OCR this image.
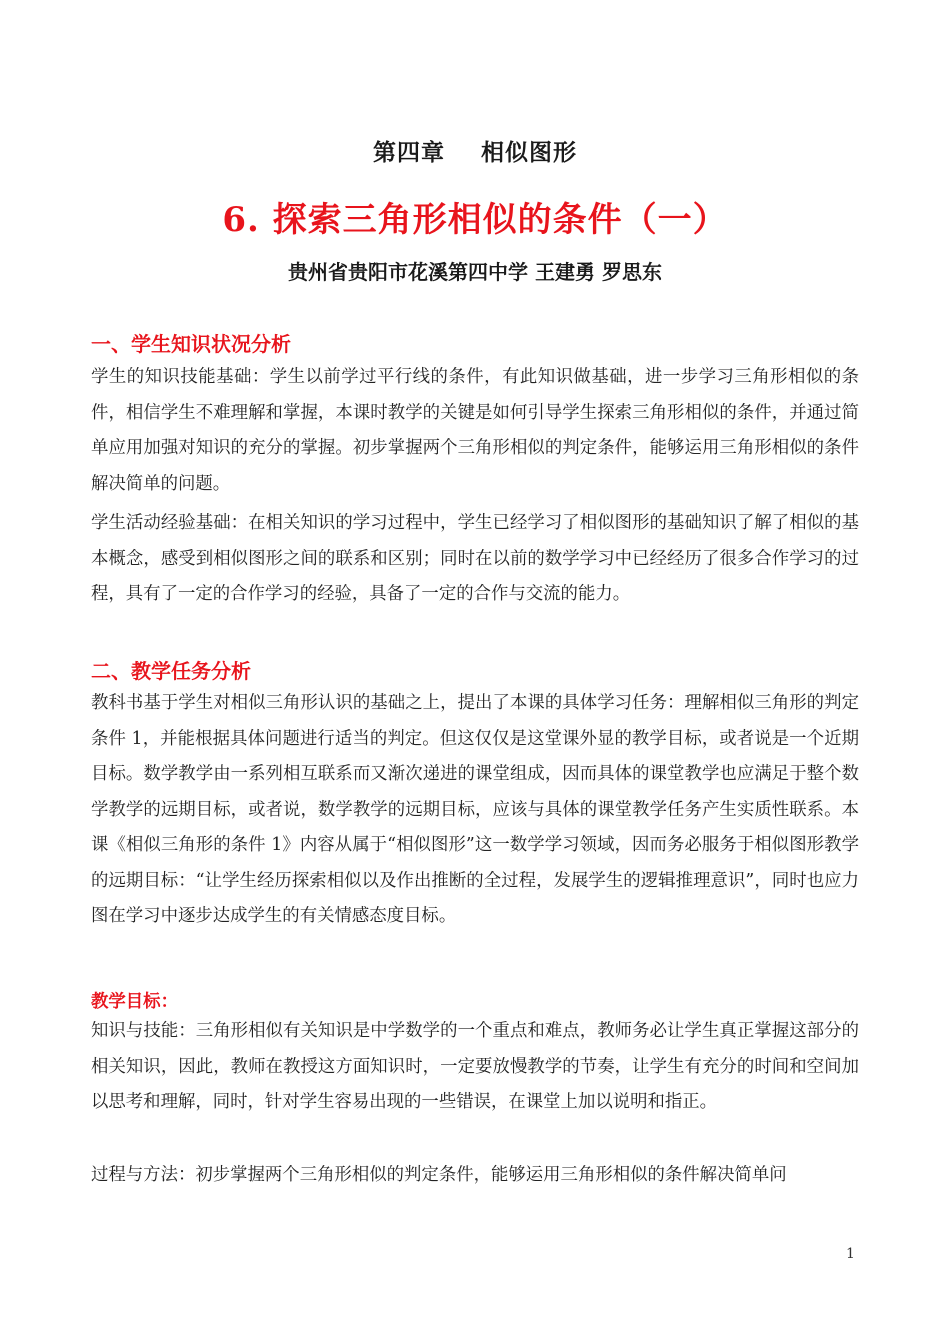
第四章    相似图形
6. 探索三角形相似的条件（一）
贵州省贵阳市花溪第四中学 王建勇 罗思东
一、学生知识状况分析

学生的知识技能基础：学生以前学过平行线的条件，有此知识做基础，进一步学习三角形相似的条件，相信学生不难理解和掌握，本课时教学的关键是如何引导学生探索三角形相似的条件，并通过简单应用加强对知识的充分的掌握。初步掌握两个三角形相似的判定条件，能够运用三角形相似的条件解决简单的问题。

学生活动经验基础：在相关知识的学习过程中，学生已经学习了相似图形的基础知识了解了相似的基本概念，感受到相似图形之间的联系和区别；同时在以前的数学学习中已经经历了很多合作学习的过程，具有了一定的合作学习的经验，具备了一定的合作与交流的能力。

二、教学任务分析

教科书基于学生对相似三角形认识的基础之上，提出了本课的具体学习任务：理解相似三角形的判定条件 1，并能根据具体问题进行适当的判定。但这仅仅是这堂课外显的教学目标，或者说是一个近期目标。数学教学由一系列相互联系而又渐次递进的课堂组成，因而具体的课堂教学也应满足于整个数学教学的远期目标，或者说，数学教学的远期目标，应该与具体的课堂教学任务产生实质性联系。本课《相似三角形的条件 1》内容从属于“相似图形”这一数学学习领域，因而务必服务于相似图形教学的远期目标：“让学生经历探索相似以及作出推断的全过程，发展学生的逻辑推理意识”，同时也应力图在学习中逐步达成学生的有关情感态度目标。

教学目标：

知识与技能：三角形相似有关知识是中学数学的一个重点和难点，教师务必让学生真正掌握这部分的相关知识，因此，教师在教授这方面知识时，一定要放慢教学的节奏，让学生有充分的时间和空间加以思考和理解，同时，针对学生容易出现的一些错误，在课堂上加以说明和指正。

过程与方法：初步掌握两个三角形相似的判定条件，能够运用三角形相似的条件解决简单问

1
